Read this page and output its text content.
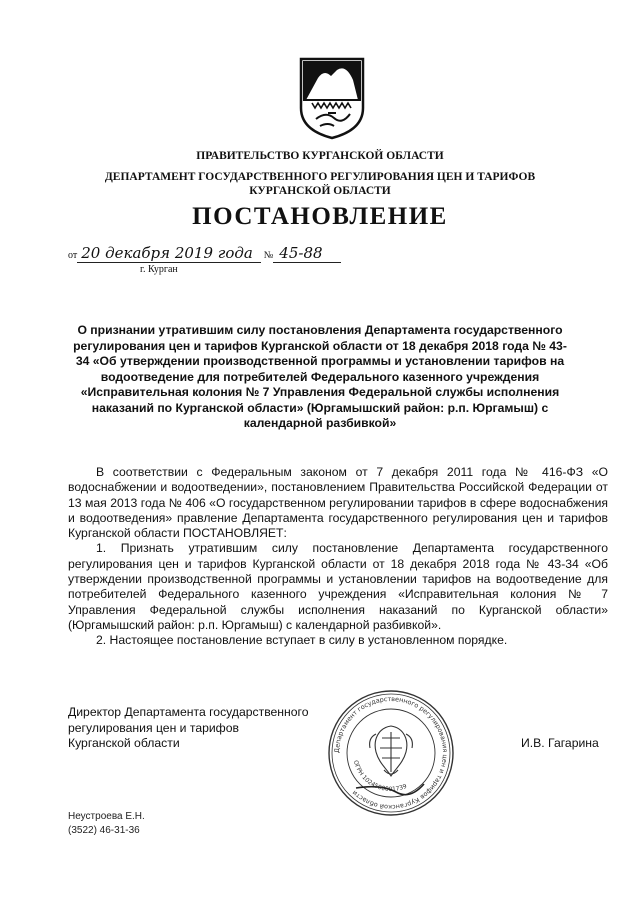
ПРАВИТЕЛЬСТВО КУРГАНСКОЙ ОБЛАСТИ
ДЕПАРТАМЕНТ ГОСУДАРСТВЕННОГО РЕГУЛИРОВАНИЯ ЦЕН И ТАРИФОВ
КУРГАНСКОЙ ОБЛАСТИ
ПОСТАНОВЛЕНИЕ
от 20 декабря 2019 года № 45-88
г. Курган

О признании утратившим силу постановления Департамента государственного регулирования цен и тарифов Курганской области от 18 декабря 2018 года № 43-34 «Об утверждении производственной программы и установлении тарифов на водоотведение для потребителей Федерального казенного учреждения «Исправительная колония № 7 Управления Федеральной службы исполнения наказаний по Курганской области» (Юргамышский район: р.п. Юргамыш) с календарной разбивкой»

В соответствии с Федеральным законом от 7 декабря 2011 года № 416-ФЗ «О водоснабжении и водоотведении», постановлением Правительства Российской Федерации от 13 мая 2013 года № 406 «О государственном регулировании тарифов в сфере водоснабжения и водоотведения» правление Департамента государственного регулирования цен и тарифов Курганской области ПОСТАНОВЛЯЕТ:

1. Признать утратившим силу постановление Департамента государственного регулирования цен и тарифов Курганской области от 18 декабря 2018 года № 43-34 «Об утверждении производственной программы и установлении тарифов на водоотведение для потребителей Федерального казенного учреждения «Исправительная колония № 7 Управления Федеральной службы исполнения наказаний по Курганской области» (Юргамышский район: р.п. Юргамыш) с календарной разбивкой».

2. Настоящее постановление вступает в силу в установленном порядке.

Директор Департамента государственного
регулирования цен и тарифов
Курганской области
Департамент государственного регулирования цен и тарифов Курганской области
ОГРН 1024500001739
И.В. Гагарина
Неустроева Е.Н.
(3522) 46-31-36
